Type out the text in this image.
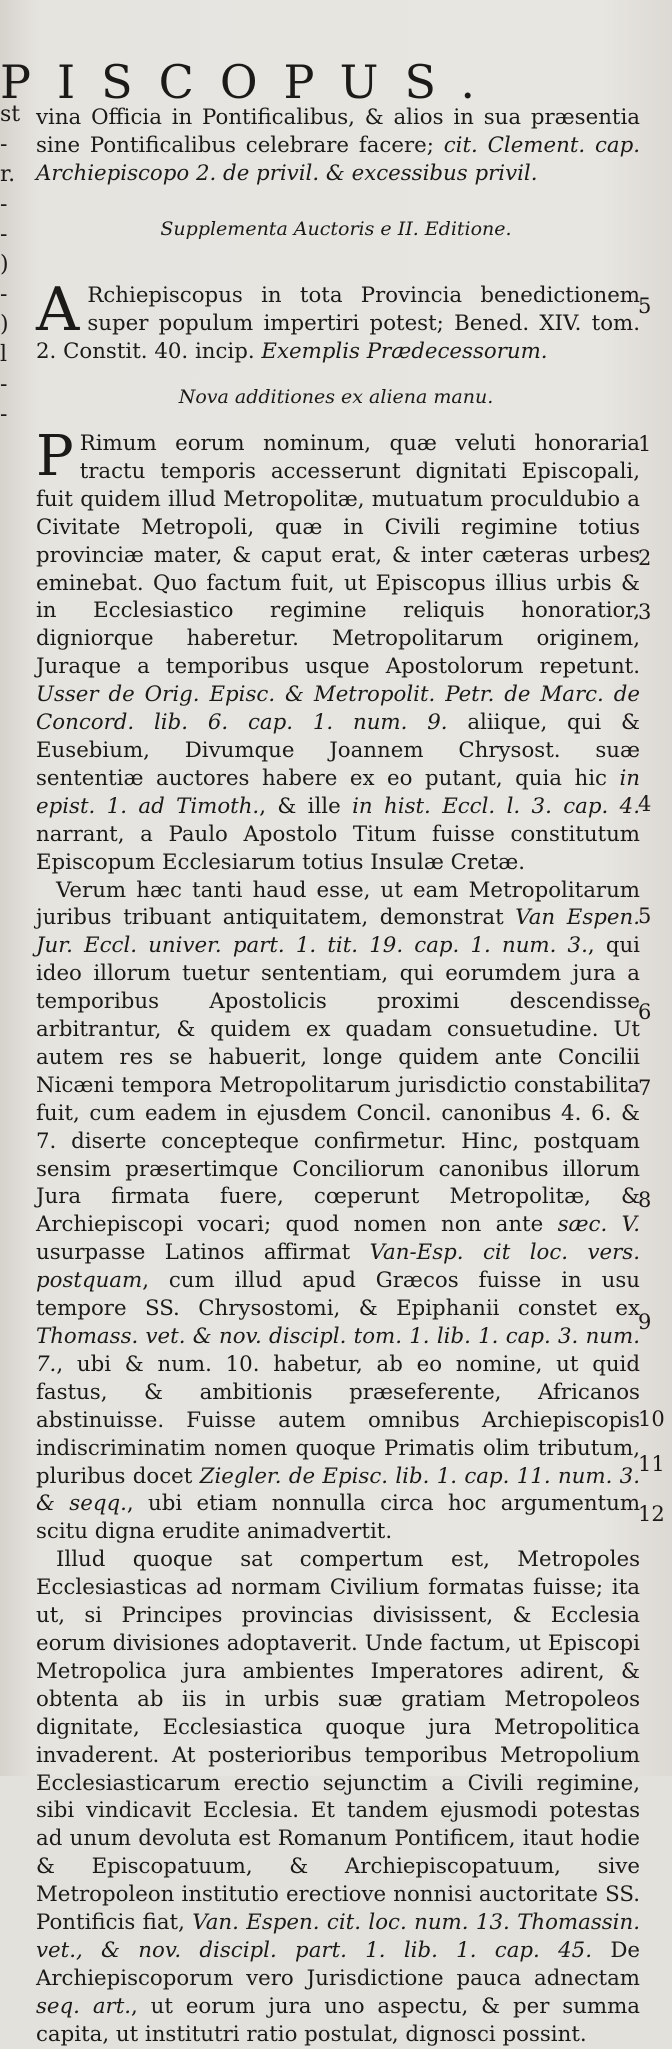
PISCOPUS.
st
-
r.
-
-
)
-
)
l
-
-
5
1
2
3
4
5
6
7
8
9
10
11
12

vina Officia in Pontificalibus, & alios in sua præsentia sine Pontificalibus celebrare facere; cit. Clement. cap. Archiepiscopo 2. de privil. & excessibus privil.

Supplementa Auctoris e II. Editione.

A Rchiepiscopus in tota Provincia benedictionem super populum impertiri potest; Bened. XIV. tom. 2. Constit. 40. incip. Exemplis Prædecessorum.

Nova additiones ex aliena manu.

P Rimum eorum nominum, quæ veluti honoraria tractu temporis accesserunt dignitati Episcopali, fuit quidem illud Metropolitæ, mutuatum proculdubio a Civitate Metropoli, quæ in Civili regimine totius provinciæ mater, & caput erat, & inter cæteras urbes eminebat. Quo factum fuit, ut Episcopus illius urbis & in Ecclesiastico regimine reliquis honoratior, digniorque haberetur. Metropolitarum originem, Juraque a temporibus usque Apostolorum repetunt. Usser de Orig. Episc. & Metropolit. Petr. de Marc. de Concord. lib. 6. cap. 1. num. 9. aliique, qui & Eusebium, Divumque Joannem Chrysost. suæ sententiæ auctores habere ex eo putant, quia hic in epist. 1. ad Timoth., & ille in hist. Eccl. l. 3. cap. 4. narrant, a Paulo Apostolo Titum fuisse constitutum Episcopum Ecclesiarum totius Insulæ Cretæ.

Verum hæc tanti haud esse, ut eam Metropolitarum juribus tribuant antiquitatem, demonstrat Van Espen. Jur. Eccl. univer. part. 1. tit. 19. cap. 1. num. 3., qui ideo illorum tuetur sententiam, qui eorumdem jura a temporibus Apostolicis proximi descendisse arbitrantur, & quidem ex quadam consuetudine. Ut autem res se habuerit, longe quidem ante Concilii Nicæni tempora Metropolitarum jurisdictio constabilita fuit, cum eadem in ejusdem Concil. canonibus 4. 6. & 7. diserte concepteque confirmetur. Hinc, postquam sensim præsertimque Conciliorum canonibus illorum Jura firmata fuere, cœperunt Metropolitæ, & Archiepiscopi vocari; quod nomen non ante sæc. V. usurpasse Latinos affirmat Van-Esp. cit loc. vers. postquam, cum illud apud Græcos fuisse in usu tempore SS. Chrysostomi, & Epiphanii constet ex Thomass. vet. & nov. discipl. tom. 1. lib. 1. cap. 3. num. 7., ubi & num. 10. habetur, ab eo nomine, ut quid fastus, & ambitionis præseferente, Africanos abstinuisse. Fuisse autem omnibus Archiepiscopis indiscriminatim nomen quoque Primatis olim tributum, pluribus docet Ziegler. de Episc. lib. 1. cap. 11. num. 3. & seqq., ubi etiam nonnulla circa hoc argumentum scitu digna erudite animadvertit.

Illud quoque sat compertum est, Metropoles Ecclesiasticas ad normam Civilium formatas fuisse; ita ut, si Principes provincias divisissent, & Ecclesia eorum divisiones adoptaverit. Unde factum, ut Episcopi Metropolica jura ambientes Imperatores adirent, & obtenta ab iis in urbis suæ gratiam Metropoleos dignitate, Ecclesiastica quoque jura Metropolitica invaderent. At posterioribus temporibus Metropolium Ecclesiasticarum erectio sejunctim a Civili regimine, sibi vindicavit Ecclesia. Et tandem ejusmodi potestas ad unum devoluta est Romanum Pontificem, itaut hodie & Episcopatuum, & Archiepiscopatuum, sive Metropoleon institutio erectiove nonnisi auctoritate SS. Pontificis fiat, Van. Espen. cit. loc. num. 13. Thomassin. vet., & nov. discipl. part. 1. lib. 1. cap. 45. De Archiepiscoporum vero Jurisdictione pauca adnectam seq. art., ut eorum jura uno aspectu, & per summa capita, ut institutri ratio postulat, dignosci possint.
